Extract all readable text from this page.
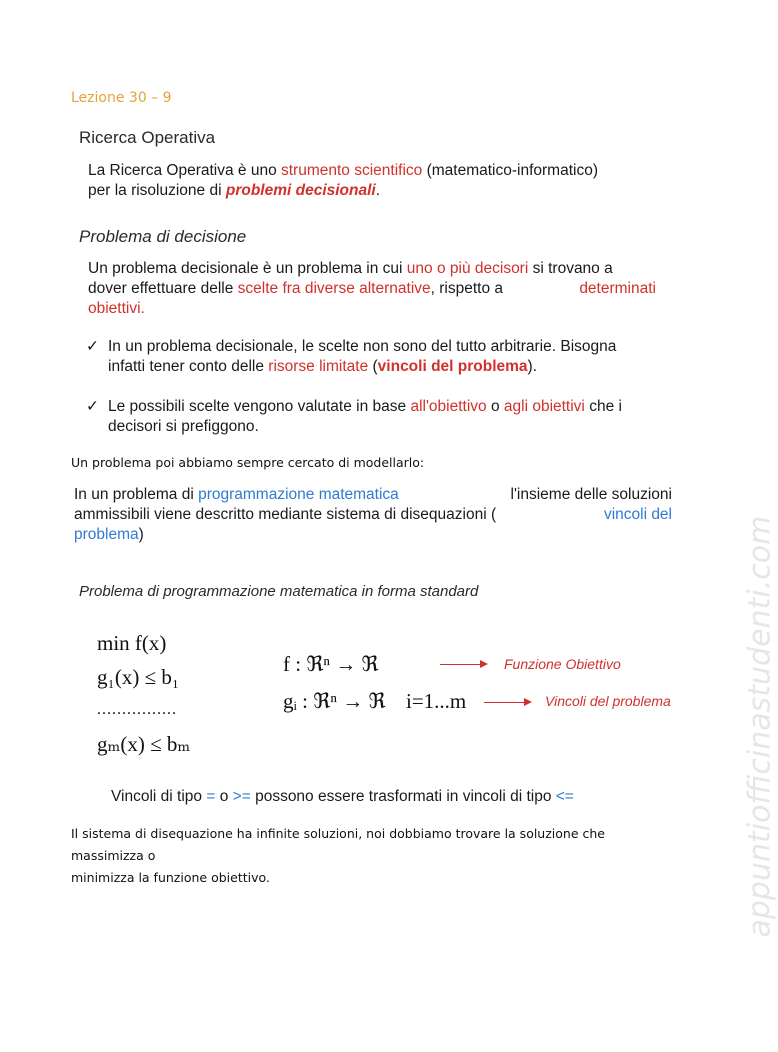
Lezione 30 – 9
Ricerca Operativa
La Ricerca Operativa è uno strumento scientifico (matematico-informatico)
per la risoluzione di problemi decisionali.
Problema di decisione
Un problema decisionale è un problema in cui uno o più decisori si trovano a
dover effettuare delle scelte fra diverse alternative, rispetto a	determinati
obiettivi.
✓ In un problema decisionale, le scelte non sono del tutto arbitrarie. Bisogna
infatti tener conto delle risorse limitate (vincoli del problema).
✓ Le possibili scelte vengono valutate in base all'obiettivo o agli obiettivi che i
decisori si prefiggono.
Un problema poi abbiamo sempre cercato di modellarlo:
In un problema di programmazione matematica	l'insieme delle soluzioni
ammissibili viene descritto mediante sistema di disequazioni (	vincoli del
problema)
Problema di programmazione matematica in forma standard
min f(x)
g₁(x) ≤ b₁
................
gₘ(x) ≤ bₘ
f : ℜⁿ → ℜ
gᵢ : ℜⁿ → ℜ i=1...m
Funzione Obiettivo
Vincoli del problema
Vincoli di tipo = o >= possono essere trasformati in vincoli di tipo <=
Il sistema di disequazione ha infinite soluzioni, noi dobbiamo trovare la soluzione che massimizza o
minimizza la funzione obiettivo.	appuntiofficinastudenti.com
